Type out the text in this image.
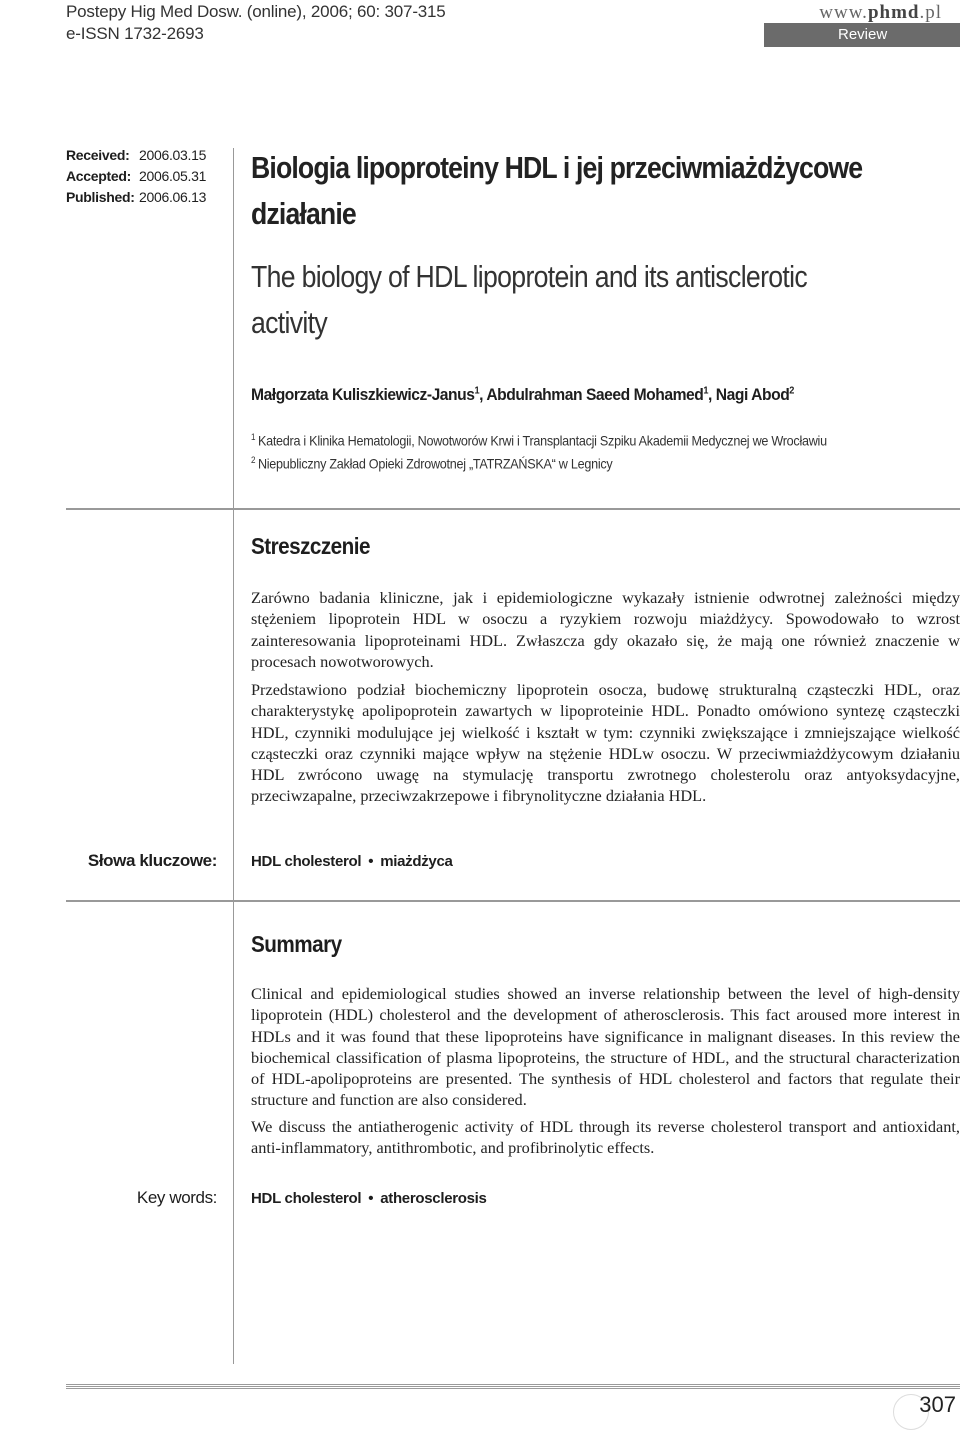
Postepy Hig Med Dosw. (online), 2006; 60: 307-315
e-ISSN 1732-2693
www.phmd.pl
Review
Received: 2006.03.15
Accepted: 2006.05.31
Published: 2006.06.13
Biologia lipoproteiny HDL i jej przeciwmiażdżycowe
działanie
The biology of HDL lipoprotein and its antisclerotic
activity
Małgorzata Kuliszkiewicz-Janus$^1$, Abdulrahman Saeed Mohamed$^1$, Nagi Abod$^2$
$^1$ Katedra i Klinika Hematologii, Nowotworów Krwi i Transplantacji Szpiku Akademii Medycznej we Wrocławiu
$^2$ Niepubliczny Zakład Opieki Zdrowotnej „TATRZAŃSKA“ w Legnicy
Streszczenie
Zarówno badania kliniczne, jak i epidemiologiczne wykazały istnienie odwrotnej zależności między stężeniem lipoprotein HDL w osoczu a ryzykiem rozwoju miażdżycy. Spowodowało to wzrost zainteresowania lipoproteinami HDL. Zwłaszcza gdy okazało się, że mają one również znaczenie w procesach nowotworowych.
Przedstawiono podział biochemiczny lipoprotein osocza, budowę strukturalną cząsteczki HDL, oraz charakterystykę apolipoprotein zawartych w lipoproteinie HDL. Ponadto omówiono syntezę cząsteczki HDL, czynniki modulujące jej wielkość i kształt w tym: czynniki zwiększające i zmniejszające wielkość cząsteczki oraz czynniki mające wpływ na stężenie HDLw osoczu. W przeciwmiażdżycowym działaniu HDL zwrócono uwagę na stymulację transportu zwrotnego cholesterolu oraz antyoksydacyjne, przeciwzapalne, przeciwzakrzepowe i fibrynolityczne działania HDL.
Słowa kluczowe: HDL cholesterol • miażdżyca
Summary
Clinical and epidemiological studies showed an inverse relationship between the level of high-density lipoprotein (HDL) cholesterol and the development of atherosclerosis. This fact aroused more interest in HDLs and it was found that these lipoproteins have significance in malignant diseases. In this review the biochemical classification of plasma lipoproteins, the structure of HDL, and the structural characterization of HDL-apolipoproteins are presented. The synthesis of HDL cholesterol and factors that regulate their structure and function are also considered.
We discuss the antiatherogenic activity of HDL through its reverse cholesterol transport and antioxidant, anti-inflammatory, antithrombotic, and profibrinolytic effects.
Key words: HDL cholesterol • atherosclerosis
307
